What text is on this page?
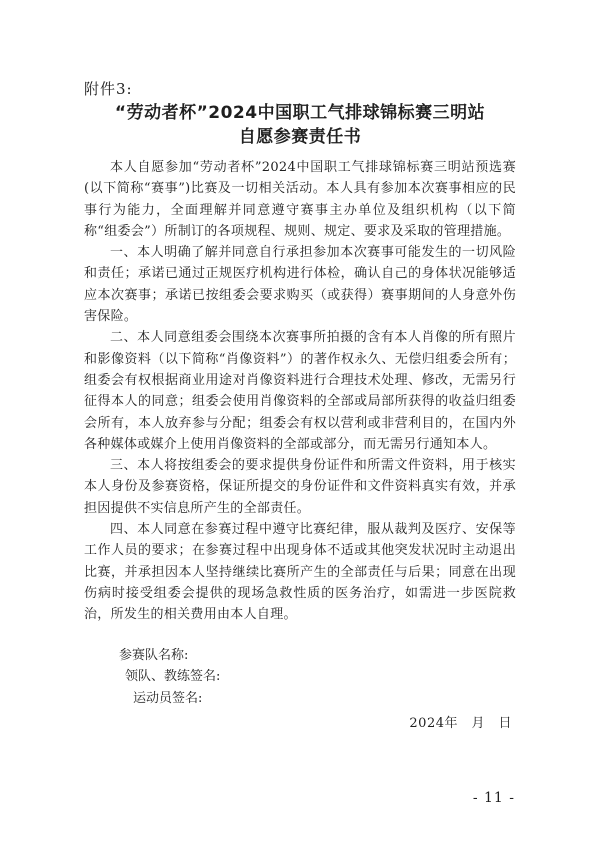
附件3:
“劳动者杯”2024中国职工气排球锦标赛三明站
自愿参赛责任书

本人自愿参加“劳动者杯”2024中国职工气排球锦标赛三明站预选赛(以下简称“赛事”)比赛及一切相关活动。本人具有参加本次赛事相应的民事行为能力，全面理解并同意遵守赛事主办单位及组织机构（以下简称“组委会”）所制订的各项规程、规则、规定、要求及采取的管理措施。

一、本人明确了解并同意自行承担参加本次赛事可能发生的一切风险和责任；承诺已通过正规医疗机构进行体检，确认自己的身体状况能够适应本次赛事；承诺已按组委会要求购买（或获得）赛事期间的人身意外伤害保险。

二、本人同意组委会围绕本次赛事所拍摄的含有本人肖像的所有照片和影像资料（以下简称“肖像资料”）的著作权永久、无偿归组委会所有；组委会有权根据商业用途对肖像资料进行合理技术处理、修改，无需另行征得本人的同意；组委会使用肖像资料的全部或局部所获得的收益归组委会所有，本人放弃参与分配；组委会有权以营利或非营利目的，在国内外各种媒体或媒介上使用肖像资料的全部或部分，而无需另行通知本人。

三、本人将按组委会的要求提供身份证件和所需文件资料，用于核实本人身份及参赛资格，保证所提交的身份证件和文件资料真实有效，并承担因提供不实信息所产生的全部责任。

四、本人同意在参赛过程中遵守比赛纪律，服从裁判及医疗、安保等工作人员的要求；在参赛过程中出现身体不适或其他突发状况时主动退出比赛，并承担因本人坚持继续比赛所产生的全部责任与后果；同意在出现伤病时接受组委会提供的现场急救性质的医务治疗，如需进一步医院救治，所发生的相关费用由本人自理。

参赛队名称:
领队、教练签名:
运动员签名:
2024年　月　日
- 11 -
